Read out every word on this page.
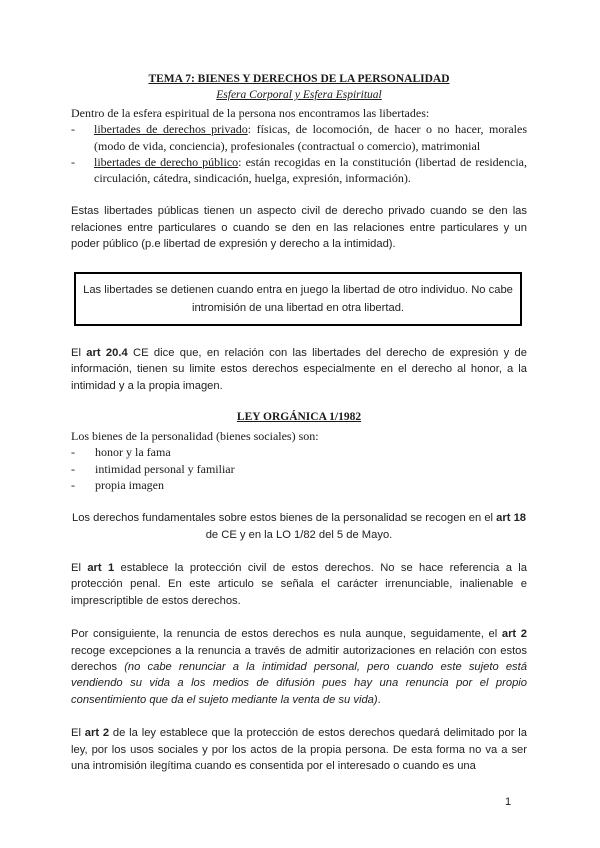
TEMA 7: BIENES Y DERECHOS DE LA PERSONALIDAD
Esfera Corporal y Esfera Espiritual
Dentro de la esfera espiritual de la persona nos encontramos las libertades:
- libertades de derechos privado: físicas, de locomoción, de hacer o no hacer, morales (modo de vida, conciencia), profesionales (contractual o comercio), matrimonial
- libertades de derecho público: están recogidas en la constitución (libertad de residencia, circulación, cátedra, sindicación, huelga, expresión, información).
Estas libertades públicas tienen un aspecto civil de derecho privado cuando se den las relaciones entre particulares o cuando se den en las relaciones entre particulares y un poder público (p.e libertad de expresión y derecho a la intimidad).
Las libertades se detienen cuando entra en juego la libertad de otro individuo. No cabe intromisión de una libertad en otra libertad.
El art 20.4 CE dice que, en relación con las libertades del derecho de expresión y de información, tienen su limite estos derechos especialmente en el derecho al honor, a la intimidad y a la propia imagen.
LEY ORGÁNICA 1/1982
Los bienes de la personalidad (bienes sociales) son:
- honor y la fama
- intimidad personal y familiar
- propia imagen
Los derechos fundamentales sobre estos bienes de la personalidad se recogen en el art 18 de CE y en la LO 1/82 del 5 de Mayo.
El art 1 establece la protección civil de estos derechos. No se hace referencia a la protección penal. En este articulo se señala el carácter irrenunciable, inalienable e imprescriptible de estos derechos.
Por consiguiente, la renuncia de estos derechos es nula aunque, seguidamente, el art 2 recoge excepciones a la renuncia a través de admitir autorizaciones en relación con estos derechos (no cabe renunciar a la intimidad personal, pero cuando este sujeto está vendiendo su vida a los medios de difusión pues hay una renuncia por el propio consentimiento que da el sujeto mediante la venta de su vida).
El art 2 de la ley establece que la protección de estos derechos quedará delimitado por la ley, por los usos sociales y por los actos de la propia persona. De esta forma no va a ser una intromisión ilegítima cuando es consentida por el interesado o cuando es una
1
